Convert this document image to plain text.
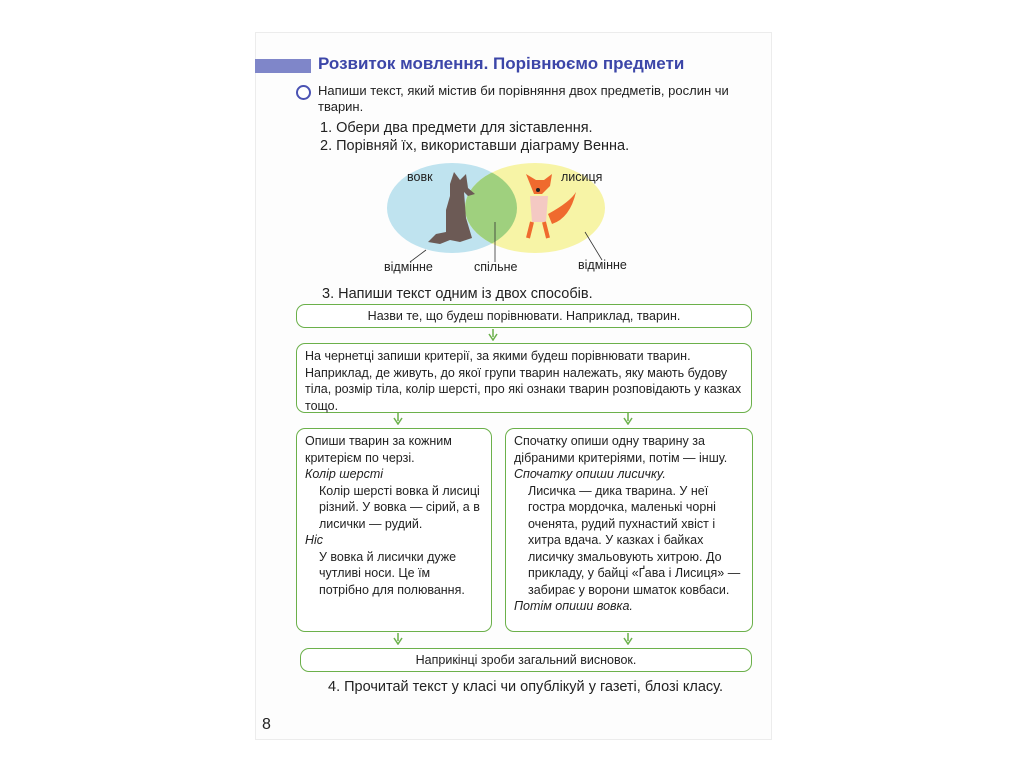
Розвиток мовлення. Порівнюємо предмети
Напиши текст, який містив би порівняння двох предметів, рослин чи тварин.
1. Обери два предмети для зіставлення.
2. Порівняй їх, використавши діаграму Венна.
вовк	лисиця
відмінне	спільне	відмінне
3. Напиши текст одним із двох способів.
Назви те, що будеш порівнювати. Наприклад, тварин.
На чернетці запиши критерії, за якими будеш порівнювати тварин. Наприклад, де живуть, до якої групи тварин належать, яку мають будову тіла, розмір тіла, колір шерсті, про які ознаки тварин розповідають у казках тощо.
Опиши тварин за кожним критерієм по черзі.
Колір шерсті
Колір шерсті вовка й лисиці різний. У вовка — сірий, а в лисички — рудий.
Ніс
У вовка й лисички дуже чутливі носи. Це їм потрібно для полювання.
Спочатку опиши одну тварину за дібраними критеріями, потім — іншу.
Спочатку опиши лисичку.
Лисичка — дика тварина. У неї гостра мордочка, маленькі чорні оченята, рудий пухнастий хвіст і хитра вдача. У казках і байках лисичку змальовують хитрою. До прикладу, у байці «Ґава і Лисиця» — забирає у ворони шматок ковбаси.
Потім опиши вовка.
Наприкінці зроби загальний висновок.
4. Прочитай текст у класі чи опублікуй у газеті, блозі класу.
8
